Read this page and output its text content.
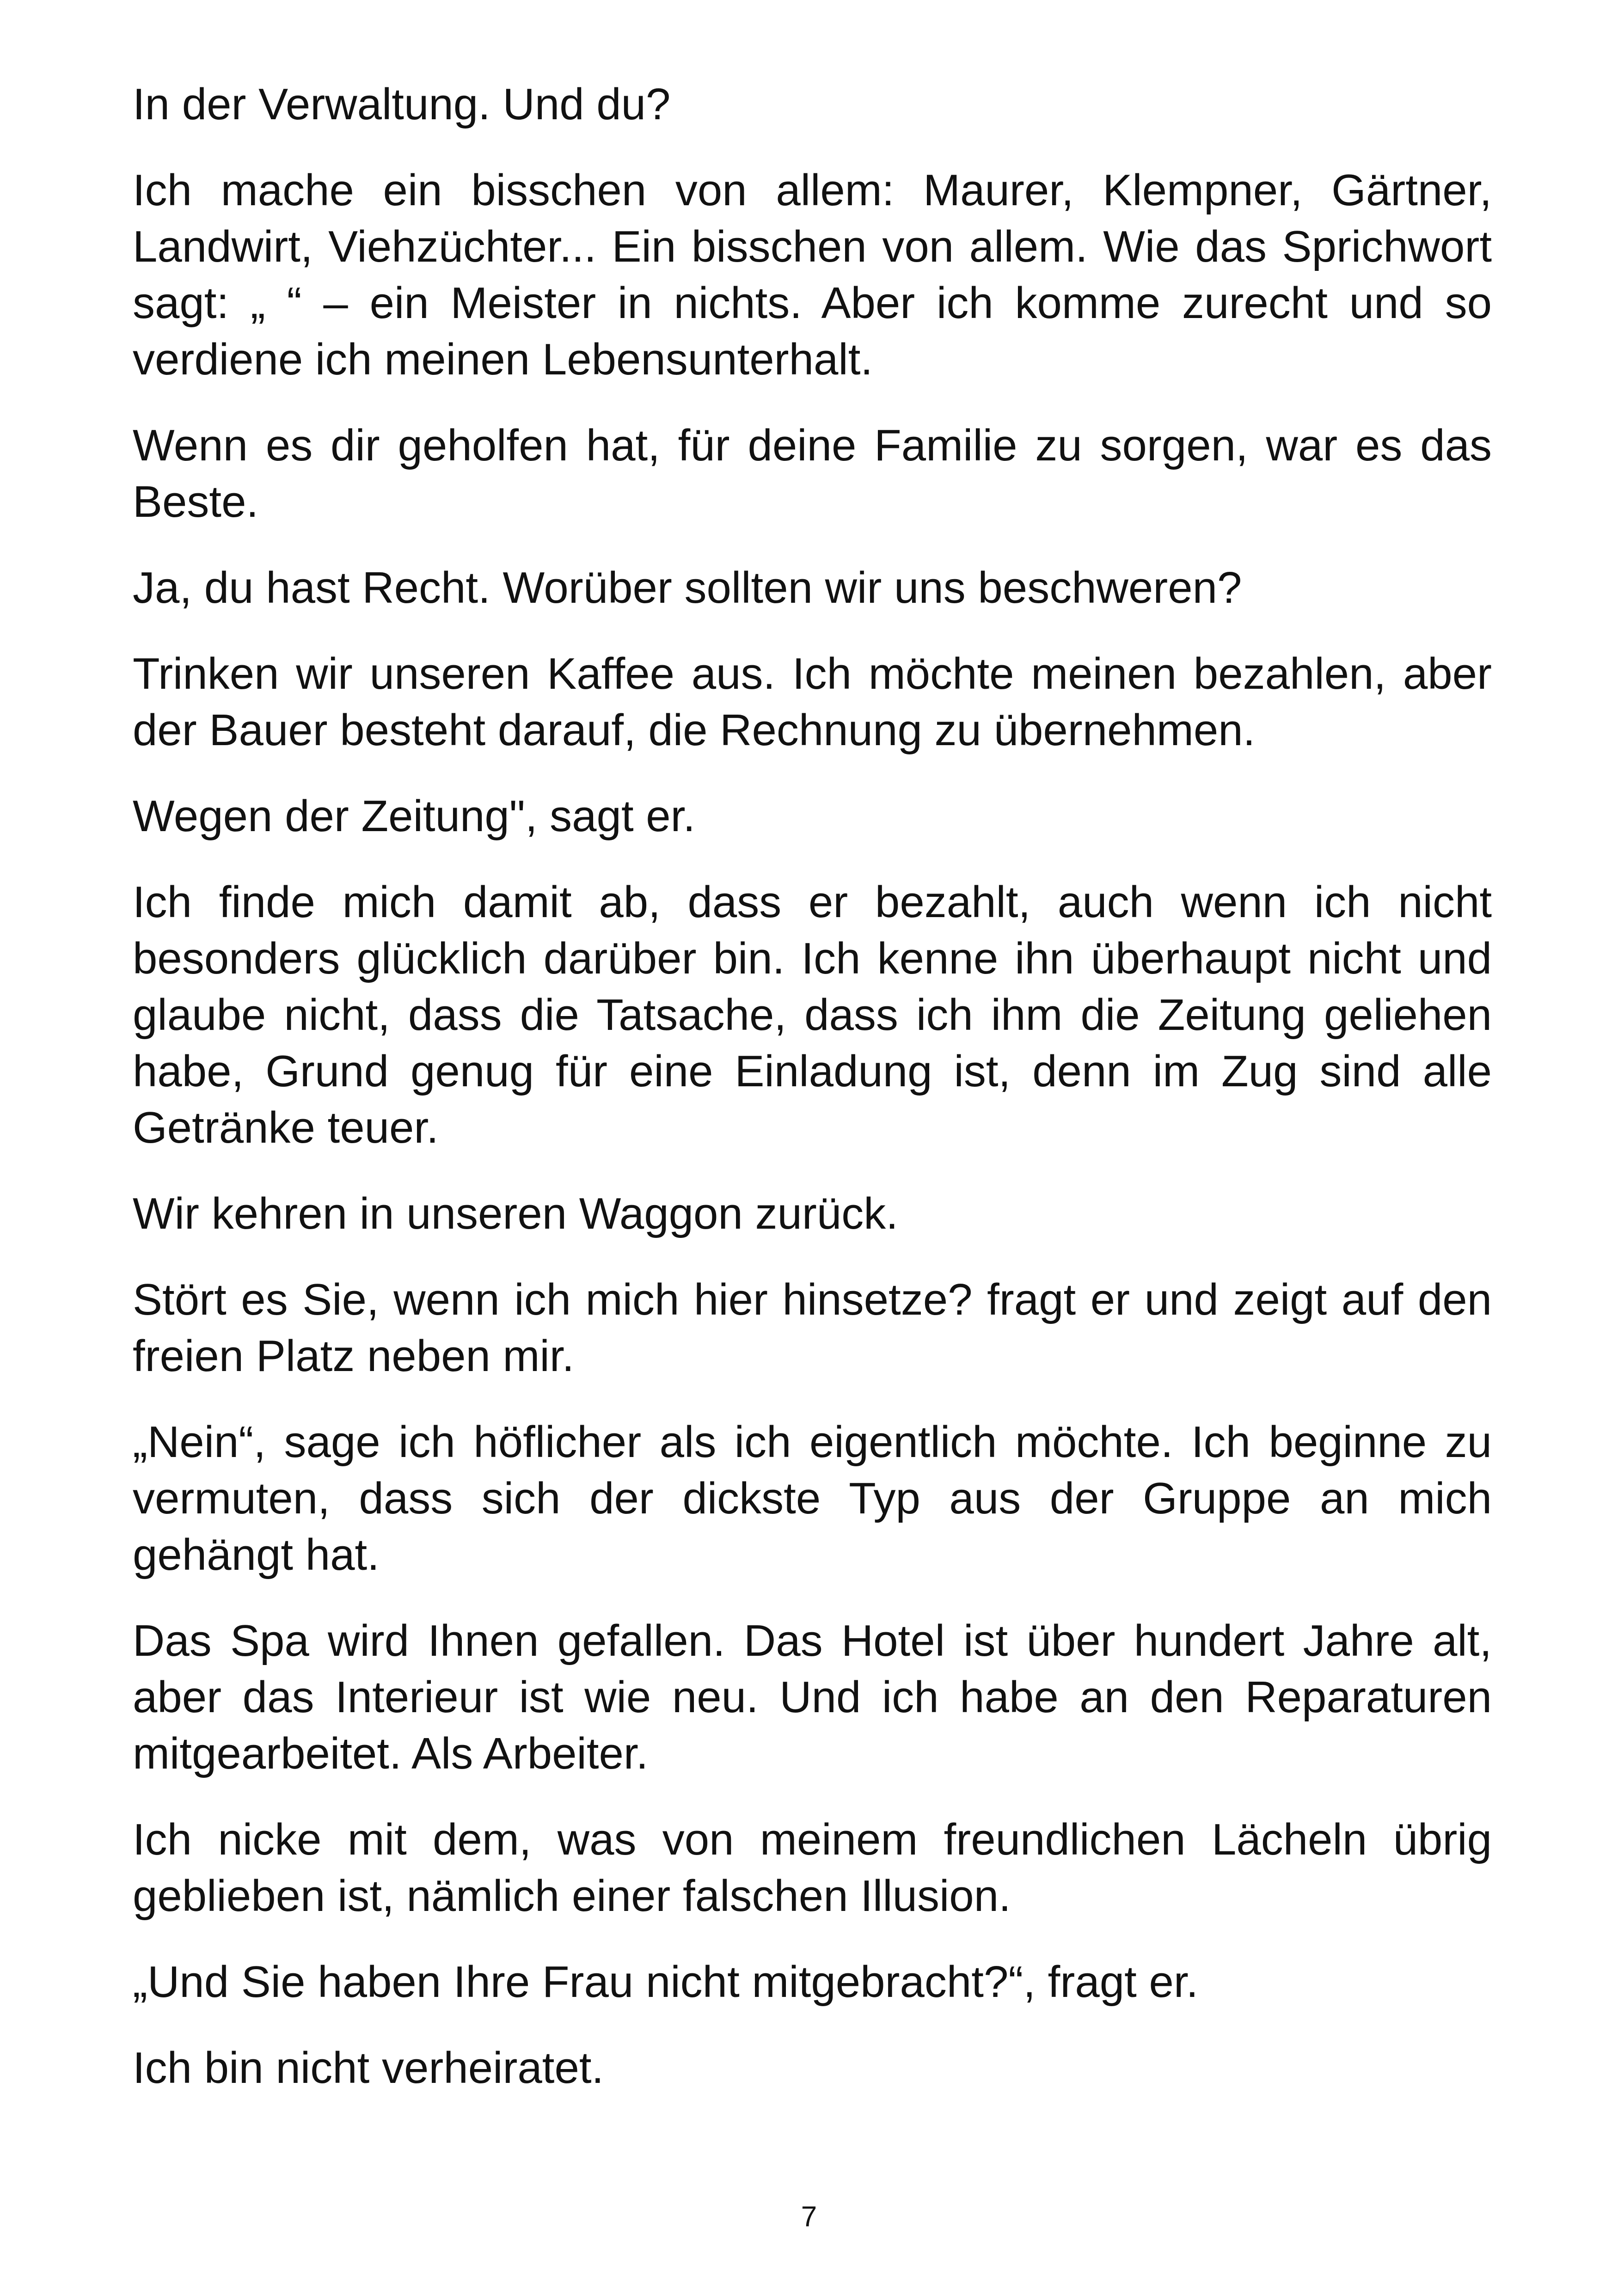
In der Verwaltung. Und du?

Ich mache ein bisschen von allem: Maurer, Klempner, Gärtner, Landwirt, Viehzüchter... Ein bisschen von allem. Wie das Sprichwort sagt: „ “ – ein Meister in nichts. Aber ich komme zurecht und so verdiene ich meinen Lebensunterhalt.

Wenn es dir geholfen hat, für deine Familie zu sorgen, war es das Beste.

Ja, du hast Recht. Worüber sollten wir uns beschweren?

Trinken wir unseren Kaffee aus. Ich möchte meinen bezahlen, aber der Bauer besteht darauf, die Rechnung zu übernehmen.

Wegen der Zeitung", sagt er.

Ich finde mich damit ab, dass er bezahlt, auch wenn ich nicht besonders glücklich darüber bin. Ich kenne ihn überhaupt nicht und glaube nicht, dass die Tatsache, dass ich ihm die Zeitung geliehen habe, Grund genug für eine Einladung ist, denn im Zug sind alle Getränke teuer.

Wir kehren in unseren Waggon zurück.

Stört es Sie, wenn ich mich hier hinsetze? fragt er und zeigt auf den freien Platz neben mir.

„Nein“, sage ich höflicher als ich eigentlich möchte. Ich beginne zu vermuten, dass sich der dickste Typ aus der Gruppe an mich gehängt hat.

Das Spa wird Ihnen gefallen. Das Hotel ist über hundert Jahre alt, aber das Interieur ist wie neu. Und ich habe an den Reparaturen mitgearbeitet. Als Arbeiter.

Ich nicke mit dem, was von meinem freundlichen Lächeln übrig geblieben ist, nämlich einer falschen Illusion.

„Und Sie haben Ihre Frau nicht mitgebracht?“, fragt er.

Ich bin nicht verheiratet.

7
